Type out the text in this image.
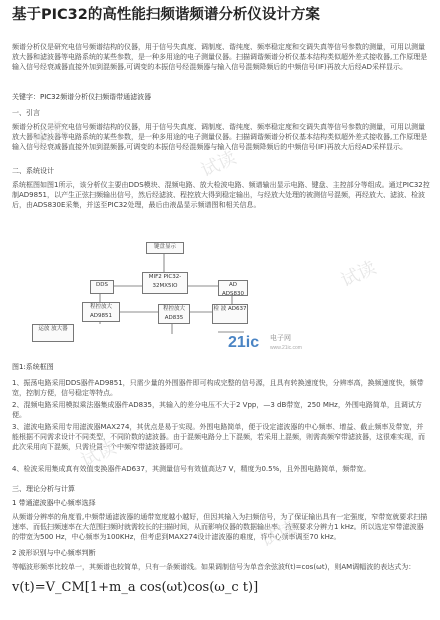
基于PIC32的高性能扫频谐频谱分析仪设计方案
频谱分析仪是研究电信号频谱结构的仪器，用于信号失真度、调制度、谐纯度、频率稳定度和交调失真等信号参数的测量，可用以测量放大器和滤波器等电路系统的某些参数，是一种多用途的电子测量仪器。扫描调谐频谱分析仪基本结构类似超外差式接收器,工作原理是输入信号经衰减器直接外加到混频器,可调变的本振信号经混频器与输入信号混频降频后的中频信号(IF)再放大后经AD采样显示。
关键字：PIC32频谱分析仪扫频谐带通滤波器
一、引言
频谱分析仪是研究电信号频谱结构的仪器，用于信号失真度、调制度、谐纯度、频率稳定度和交调失真等信号参数的测量，可用以测量放大器和滤波器等电路系统的某些参数，是一种多用途的电子测量仪器。扫描调谐频谱分析仪基本结构类似超外差式接收器,工作原理是输入信号经衰减器直接外加到混频器,可调变的本振信号经混频器与输入信号混频降频后的中频信号(IF)再放大后经AD采样显示。
二、系统设计
系统框图如图1所示，该分析仪主要由DDS模块、混频电路、放大检波电路、频谱输出显示电路、键盘、主控部分等组成。通过PIC32控制AD9851，以产生正弦扫频输出信号，然后经滤波、程控放大得到稳定输出，与经放大处理的被测信号混频，再经放大、滤波、检波后，由ADS830E采集，并送至PIC32处理，最后由液晶显示频谱图和相关信息。
键盘显示
MIF2 PIC32- 32MX5IO
DDS
程控放大 AD9851
程控放大 AD835
检 波 AD637
AD ADS830
运放 放大器
21ic 电子网
www.21ic.com
图1:系统框图
1、振荡电路采用DDS器件AD9851，只需少量的外围器件即可构成完整的信号源，且具有转换速度快，分辨率高，换频速度快，频带宽，控制方便，信号稳定等特点。
2、混频电路采用模拟乘法器集成器件AD835，其输入的差分电压不大于2 Vpp，—3 dB带宽，250 MHz，外围电路简单，且调试方便。
3、滤波电路采用专用滤波器MAX274，其优点是易于实现。外围电路简单，便于设定滤波器的中心频率、增益、截止频率及带宽，并能根据不同需求设计不同类型，不同阶数的滤波器。由于混频电路分上下混频，若采用上混频，则需高频窄带滤波器，这很难实现，而此次采用向下混频，只需设置一个中频窄带滤波器即可。
4、检波采用集成真有效值变换器件AD637，其测量信号有效值高达7 V，精度为0.5%，且外围电路简单，频带宽。
三、理论分析与计算
1 带通滤波器中心频率选择
从频谱分辨率的角度看,中频带通滤波器的通带宽度越小越好，但因其输入为扫频信号，为了保证输出具有一定强度，窄带宽就要求扫描速率、而低扫频速率在大范围扫频时就需较长的扫描时间，从而影响仪器的数据输出率。按照要求分辨力1 kHz。所以选定窄带滤波器的带宽为500 Hz，中心频率为100KHz，但考虑到MAX274设计滤波器的难度，将中心频率调至70 kHz。
2 波形识别与中心频率判断
等幅波形频率比较单一，其频谱也较简单，只有一条频谱线。如果调制信号为单音余弦波f(t)=cos(ωt)，则AM调幅波的表达式为：
v(t)=V_CM[1+m_a cos(ωt)cos(ω_c t)]
试读
试读
试读
试读
试读
